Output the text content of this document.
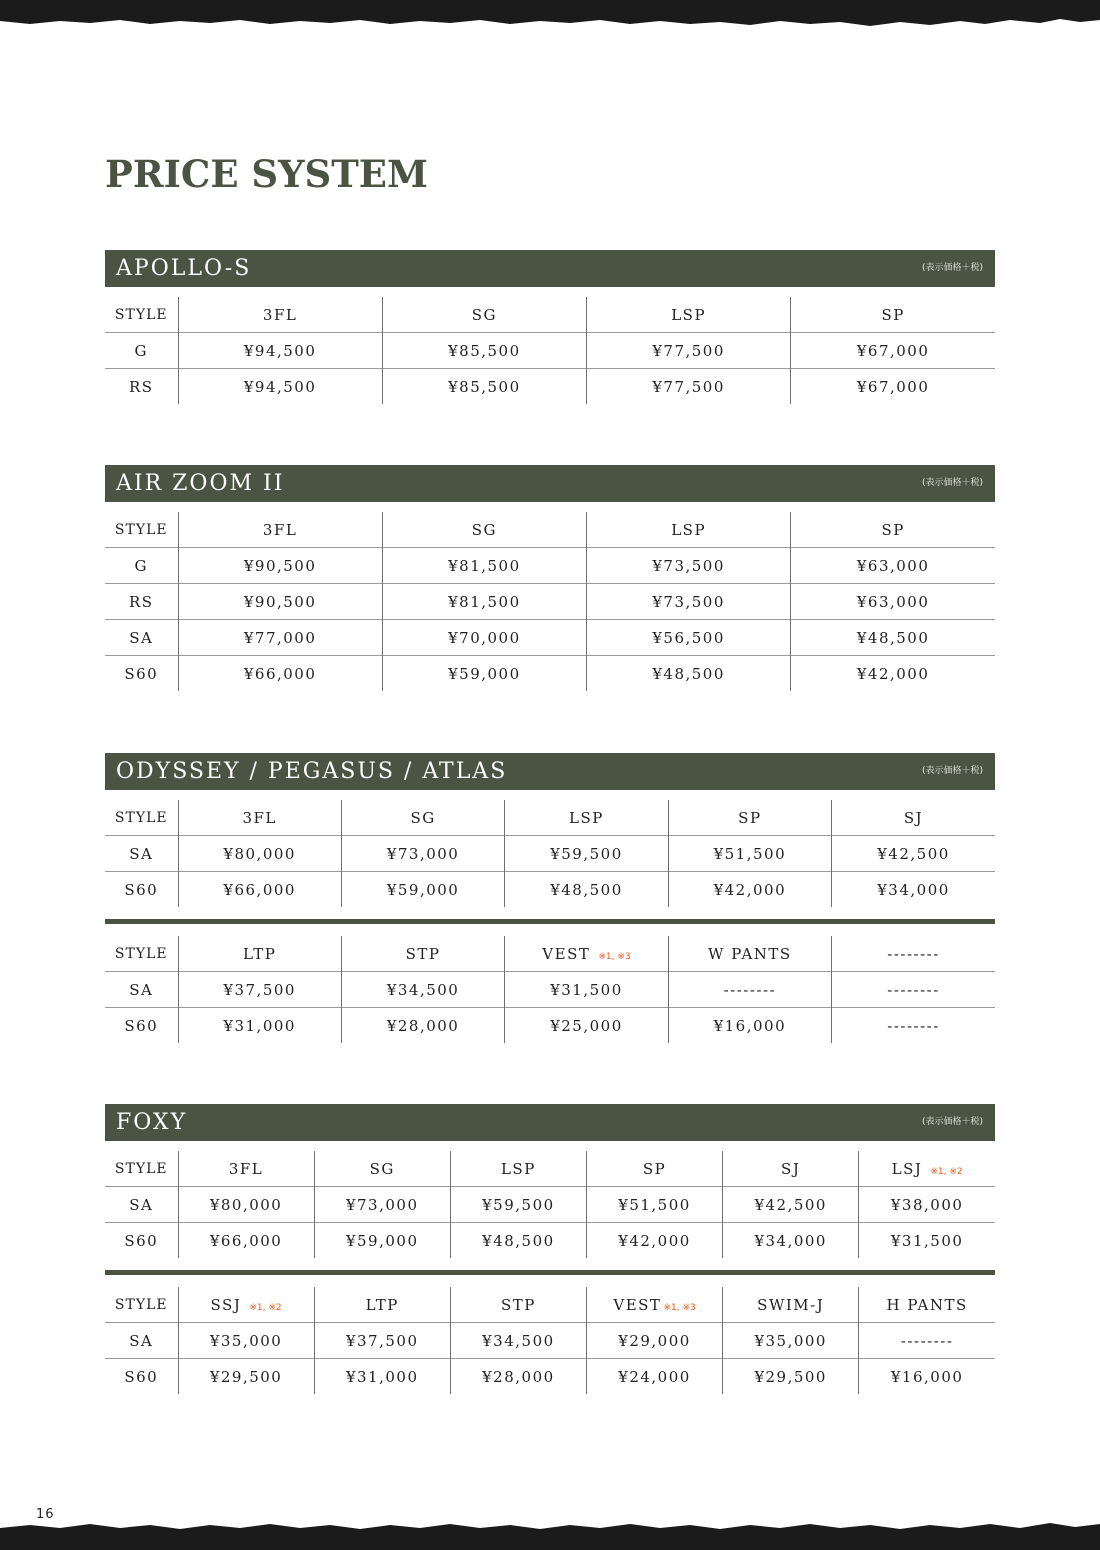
PRICE SYSTEM
APOLLO-S	(表示価格＋税)
STYLE	3FL	SG	LSP	SP
G	¥94,500	¥85,500	¥77,500	¥67,000
RS	¥94,500	¥85,500	¥77,500	¥67,000
AIR ZOOM II	(表示価格＋税)
STYLE	3FL	SG	LSP	SP
G	¥90,500	¥81,500	¥73,500	¥63,000
RS	¥90,500	¥81,500	¥73,500	¥63,000
SA	¥77,000	¥70,000	¥56,500	¥48,500
S60	¥66,000	¥59,000	¥48,500	¥42,000
ODYSSEY / PEGASUS / ATLAS	(表示価格＋税)
STYLE	3FL	SG	LSP	SP	SJ
SA	¥80,000	¥73,000	¥59,500	¥51,500	¥42,500
S60	¥66,000	¥59,000	¥48,500	¥42,000	¥34,000
STYLE	LTP	STP	VEST ※1, ※3	W PANTS	--------
SA	¥37,500	¥34,500	¥31,500	--------	--------
S60	¥31,000	¥28,000	¥25,000	¥16,000	--------
FOXY	(表示価格＋税)
STYLE	3FL	SG	LSP	SP	SJ	LSJ ※1, ※2
SA	¥80,000	¥73,000	¥59,500	¥51,500	¥42,500	¥38,000
S60	¥66,000	¥59,000	¥48,500	¥42,000	¥34,000	¥31,500
STYLE	SSJ ※1, ※2	LTP	STP	VEST ※1, ※3	SWIM-J	H PANTS
SA	¥35,000	¥37,500	¥34,500	¥29,000	¥35,000	--------
S60	¥29,500	¥31,000	¥28,000	¥24,000	¥29,500	¥16,000
16
